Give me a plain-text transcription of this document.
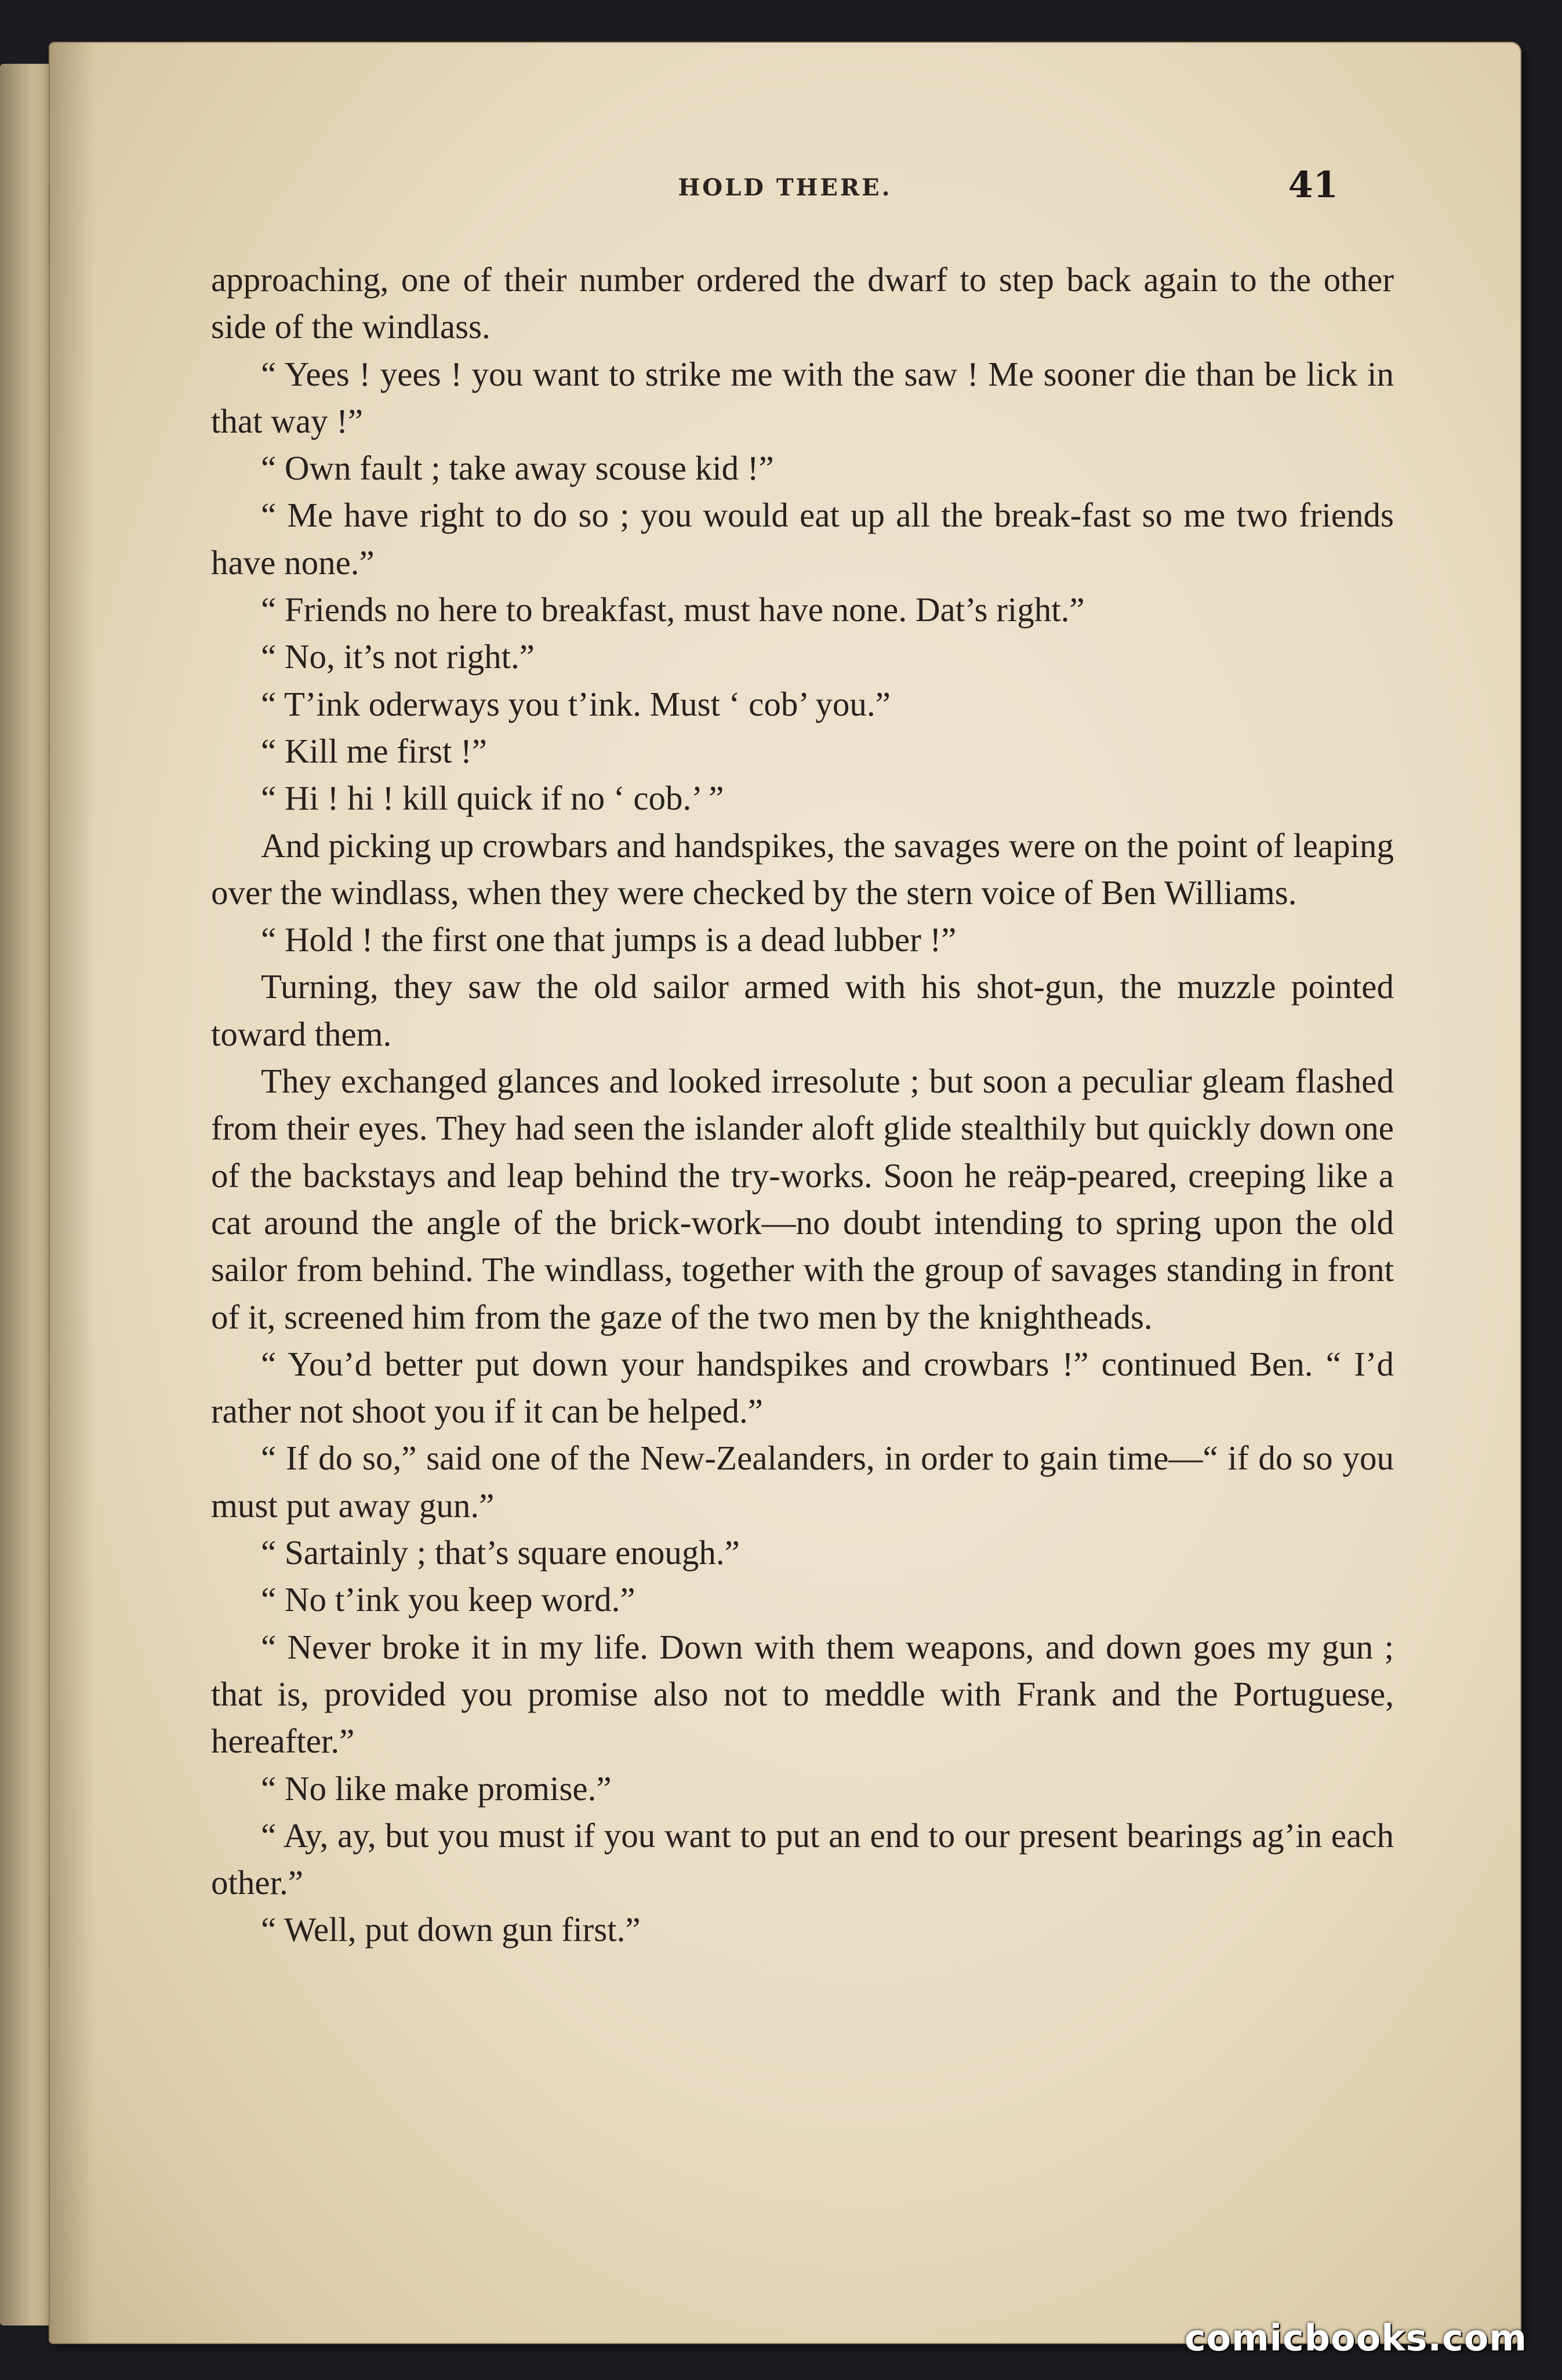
HOLD THERE.	41

approaching, one of their number ordered the dwarf to step back again to the other side of the windlass.

“ Yees ! yees ! you want to strike me with the saw ! Me sooner die than be lick in that way !”

“ Own fault ; take away scouse kid !”

“ Me have right to do so ; you would eat up all the break-fast so me two friends have none.”

“ Friends no here to breakfast, must have none. Dat’s right.”

“ No, it’s not right.”

“ T’ink oderways you t’ink. Must ‘ cob’ you.”

“ Kill me first !”

“ Hi ! hi ! kill quick if no ‘ cob.’ ”

And picking up crowbars and handspikes, the savages were on the point of leaping over the windlass, when they were checked by the stern voice of Ben Williams.

“ Hold ! the first one that jumps is a dead lubber !”

Turning, they saw the old sailor armed with his shot-gun, the muzzle pointed toward them.

They exchanged glances and looked irresolute ; but soon a peculiar gleam flashed from their eyes. They had seen the islander aloft glide stealthily but quickly down one of the backstays and leap behind the try-works. Soon he reäp-peared, creeping like a cat around the angle of the brick-work—no doubt intending to spring upon the old sailor from behind. The windlass, together with the group of savages standing in front of it, screened him from the gaze of the two men by the knightheads.

“ You’d better put down your handspikes and crowbars !” continued Ben. “ I’d rather not shoot you if it can be helped.”

“ If do so,” said one of the New-Zealanders, in order to gain time—“ if do so you must put away gun.”

“ Sartainly ; that’s square enough.”

“ No t’ink you keep word.”

“ Never broke it in my life. Down with them weapons, and down goes my gun ; that is, provided you promise also not to meddle with Frank and the Portuguese, hereafter.”

“ No like make promise.”

“ Ay, ay, but you must if you want to put an end to our present bearings ag’in each other.”

“ Well, put down gun first.”

comicbooks.com
